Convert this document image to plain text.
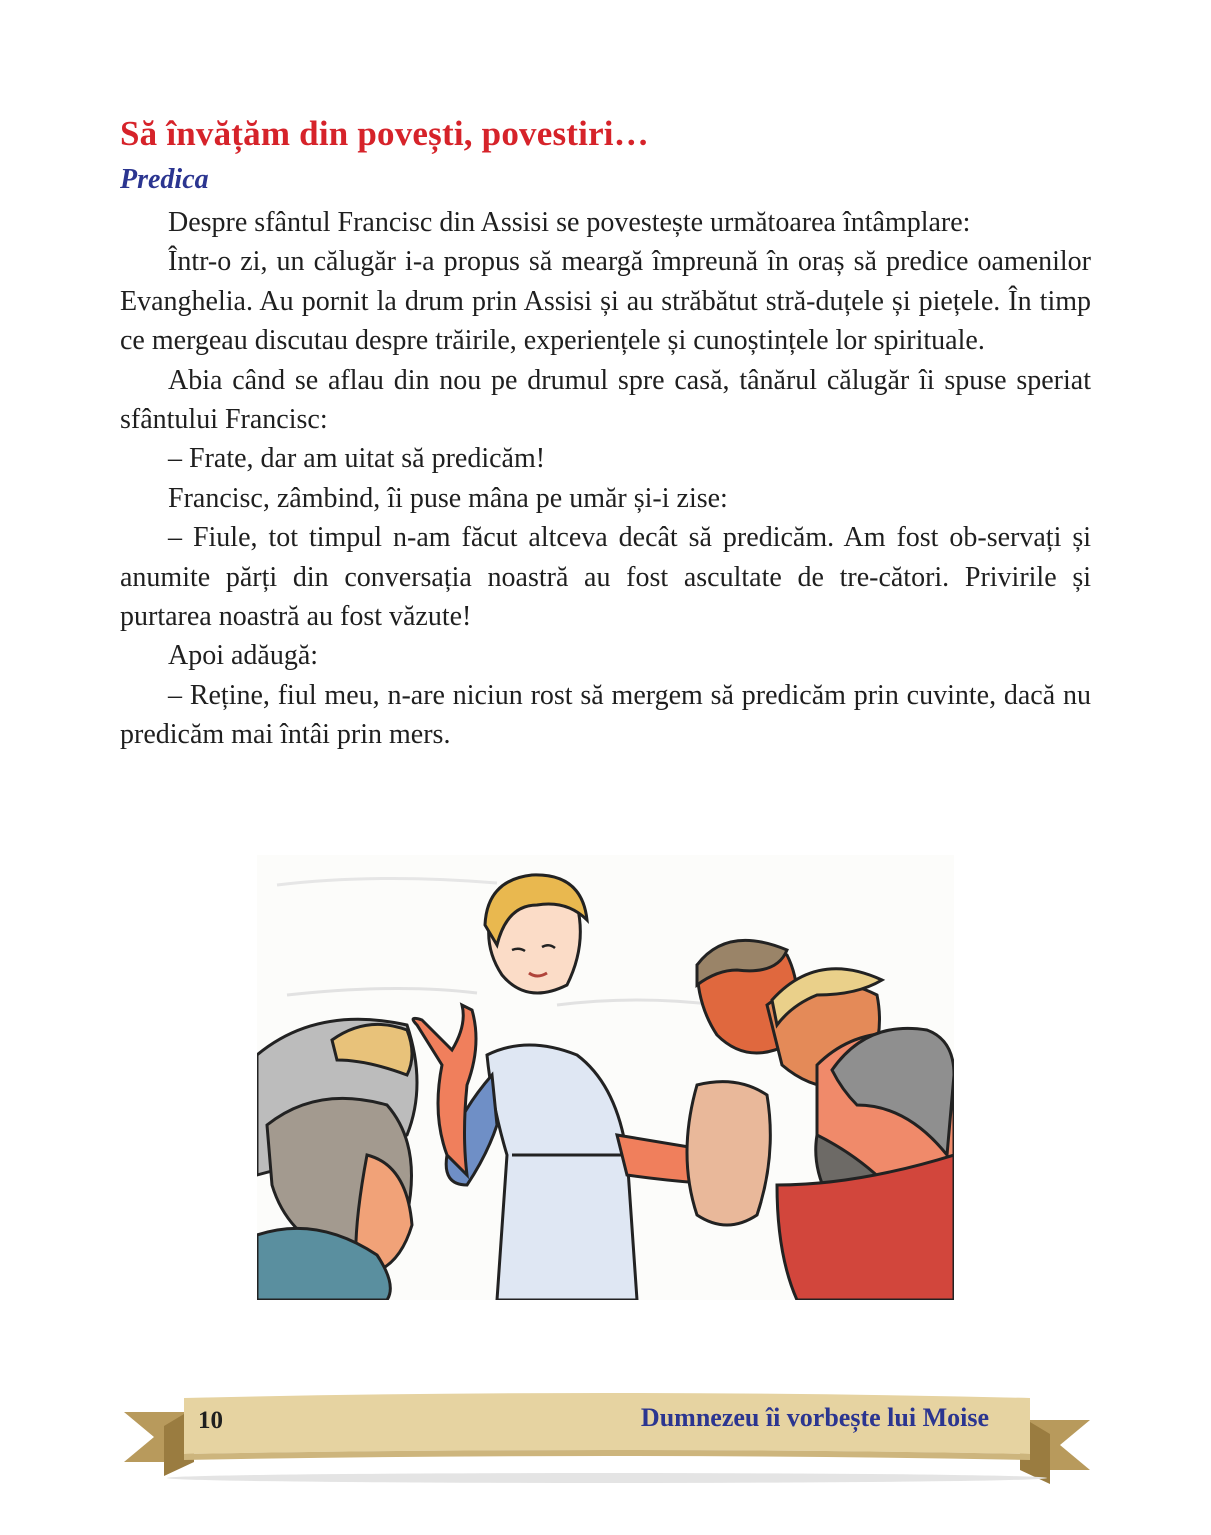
Să învățăm din povești, povestiri…
Predica

Despre sfântul Francisc din Assisi se povestește următoarea întâmplare:

Într-o zi, un călugăr i-a propus să meargă împreună în oraș să predice oamenilor Evanghelia. Au pornit la drum prin Assisi și au străbătut stră-duțele și piețele. În timp ce mergeau discutau despre trăirile, experiențele și cunoștințele lor spirituale.

Abia când se aflau din nou pe drumul spre casă, tânărul călugăr îi spuse speriat sfântului Francisc:

– Frate, dar am uitat să predicăm!

Francisc, zâmbind, îi puse mâna pe umăr și-i zise:

– Fiule, tot timpul n-am făcut altceva decât să predicăm. Am fost ob-servați și anumite părți din conversația noastră au fost ascultate de tre-cători. Privirile și purtarea noastră au fost văzute!

Apoi adăugă:

– Reține, fiul meu, n-are niciun rost să mergem să predicăm prin cuvinte, dacă nu predicăm mai întâi prin mers.

10	Dumnezeu îi vorbește lui Moise
